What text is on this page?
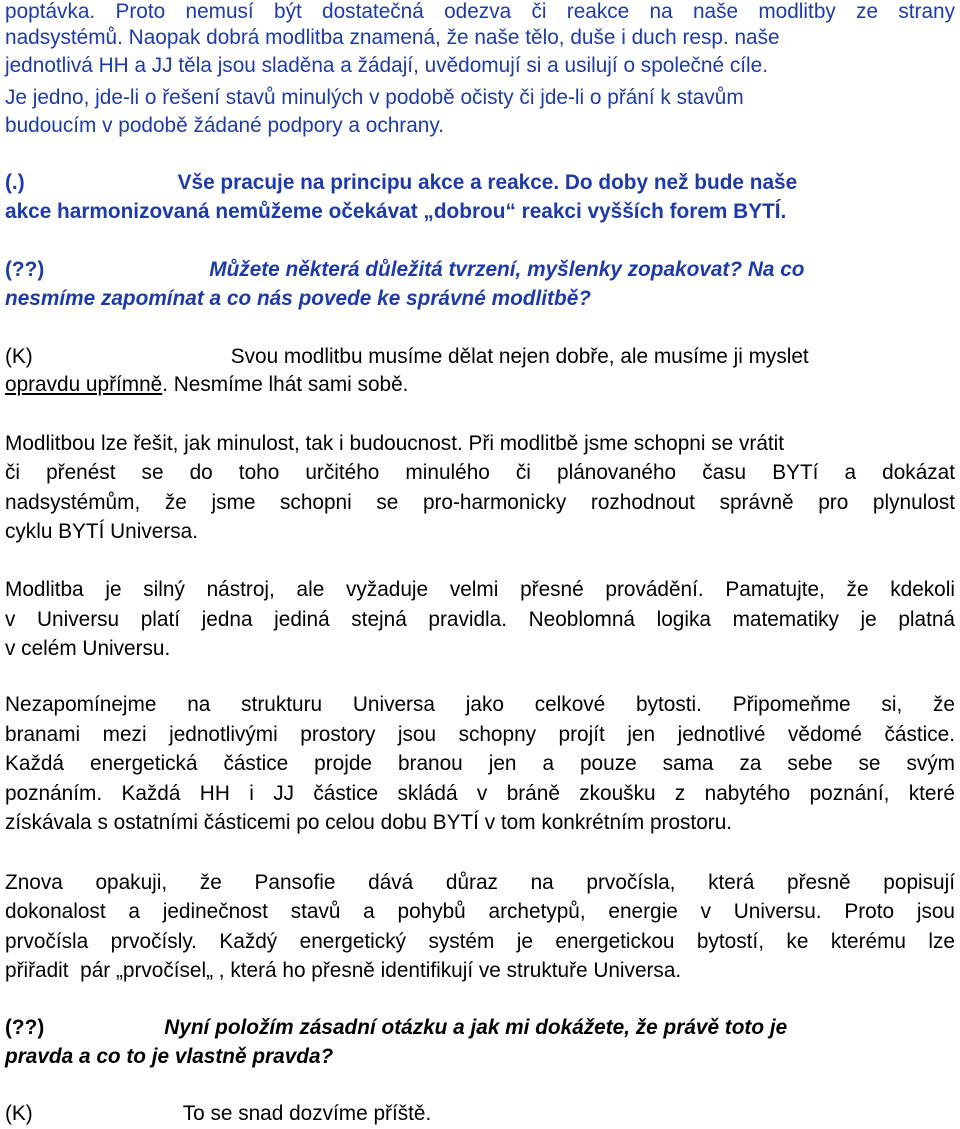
poptávka. Proto nemusí být dostatečná odezva či reakce na naše modlitby ze strany
nadsystémů. Naopak dobrá modlitba znamená, že naše tělo, duše i duch resp. naše
jednotlivá HH a JJ těla jsou sladěna a žádají, uvědomují si a usilují o společné cíle.
Je jedno, jde-li o řešení stavů minulých v podobě očisty či jde-li o přání k stavům
budoucím v podobě žádané podpory a ochrany.
(.)	Vše pracuje na principu akce a reakce. Do doby než bude naše
akce harmonizovaná nemůžeme očekávat „dobrou“ reakci vyšších forem BYTÍ.
(??)	Můžete některá důležitá tvrzení, myšlenky zopakovat? Na co
nesmíme zapomínat a co nás povede ke správné modlitbě?
(K)	Svou modlitbu musíme dělat nejen dobře, ale musíme ji myslet
opravdu upřímně. Nesmíme lhát sami sobě.
Modlitbou lze řešit, jak minulost, tak i budoucnost. Při modlitbě jsme schopni se vrátit
či přenést se do toho určitého minulého či plánovaného času BYTí a dokázat
nadsystémům, že jsme schopni se pro-harmonicky rozhodnout správně pro plynulost
cyklu BYTÍ Universa.
Modlitba je silný nástroj, ale vyžaduje velmi přesné provádění. Pamatujte, že kdekoli
v Universu platí jedna jediná stejná pravidla. Neoblomná logika matematiky je platná
v celém Universu.
Nezapomínejme na strukturu Universa jako celkové bytosti. Připomeňme si, že
branami mezi jednotlivými prostory jsou schopny projít jen jednotlivé vědomé částice.
Každá energetická částice projde branou jen a pouze sama za sebe se svým
poznáním. Každá HH i JJ částice skládá v bráně zkoušku z nabytého poznání, které
získávala s ostatními částicemi po celou dobu BYTÍ v tom konkrétním prostoru.
Znova opakuji, že Pansofie dává důraz na prvočísla, která přesně popisují
dokonalost a jedinečnost stavů a pohybů archetypů, energie v Universu. Proto jsou
prvočísla prvočísly. Každý energetický systém je energetickou bytostí, ke kterému lze
přiřadit  pár „prvočísel„ , která ho přesně identifikují ve struktuře Universa.
(??)	Nyní položím zásadní otázku a jak mi dokážete, že právě toto je
pravda a co to je vlastně pravda?
(K)	To se snad dozvíme příště.
